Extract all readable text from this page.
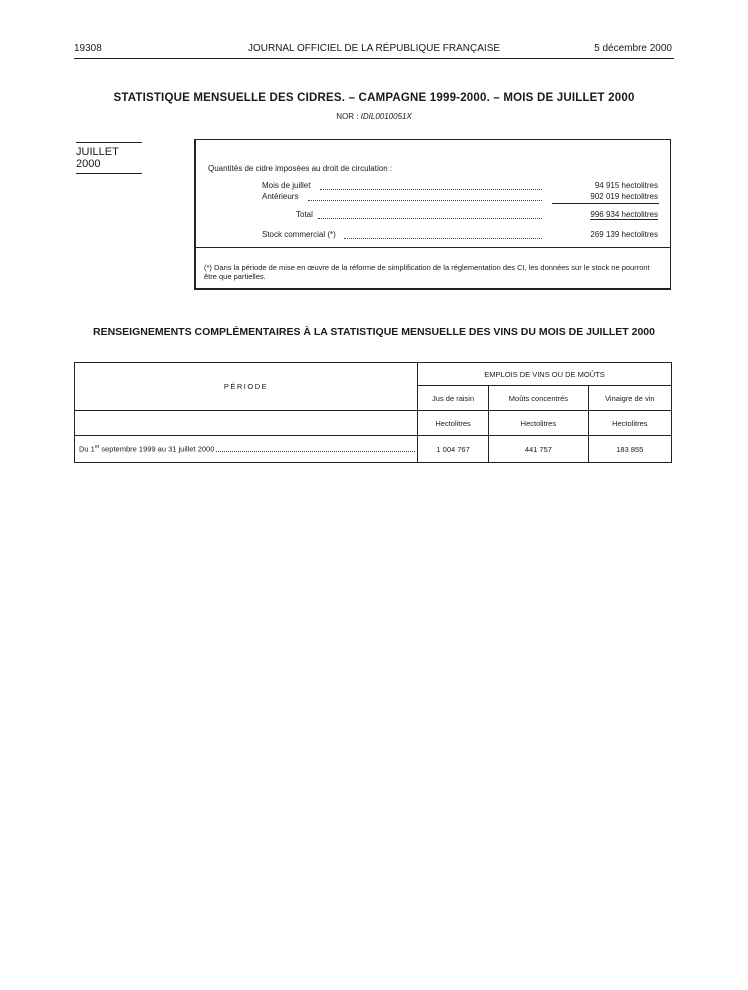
19308	JOURNAL OFFICIEL DE LA RÉPUBLIQUE FRANÇAISE	5 décembre 2000
STATISTIQUE MENSUELLE DES CIDRES. – CAMPAGNE 1999-2000. – MOIS DE JUILLET 2000
NOR : IDIL0010051X
JUILLET 2000	Quantités de cidre imposées au droit de circulation :
Mois de juillet	94 915 hectolitres
Antérieurs	902 019 hectolitres
Total	996 934 hectolitres
Stock commercial (*)	269 139 hectolitres
(*) Dans la période de mise en œuvre de la réforme de simplification de la réglementation des CI, les données sur le stock ne pourront être que partielles.
RENSEIGNEMENTS COMPLÉMENTAIRES À LA STATISTIQUE MENSUELLE DES VINS DU MOIS DE JUILLET 2000
PÉRIODE	EMPLOIS DE VINS OU DE MOÛTS		
	Jus de raisin	Moûts concentrés	Vinaigre de vin
	Hectolitres	Hectolitres	Hectolitres

Du 1er septembre 1999 au 31 juillet 2000	1 004 767	441 757	183 855
